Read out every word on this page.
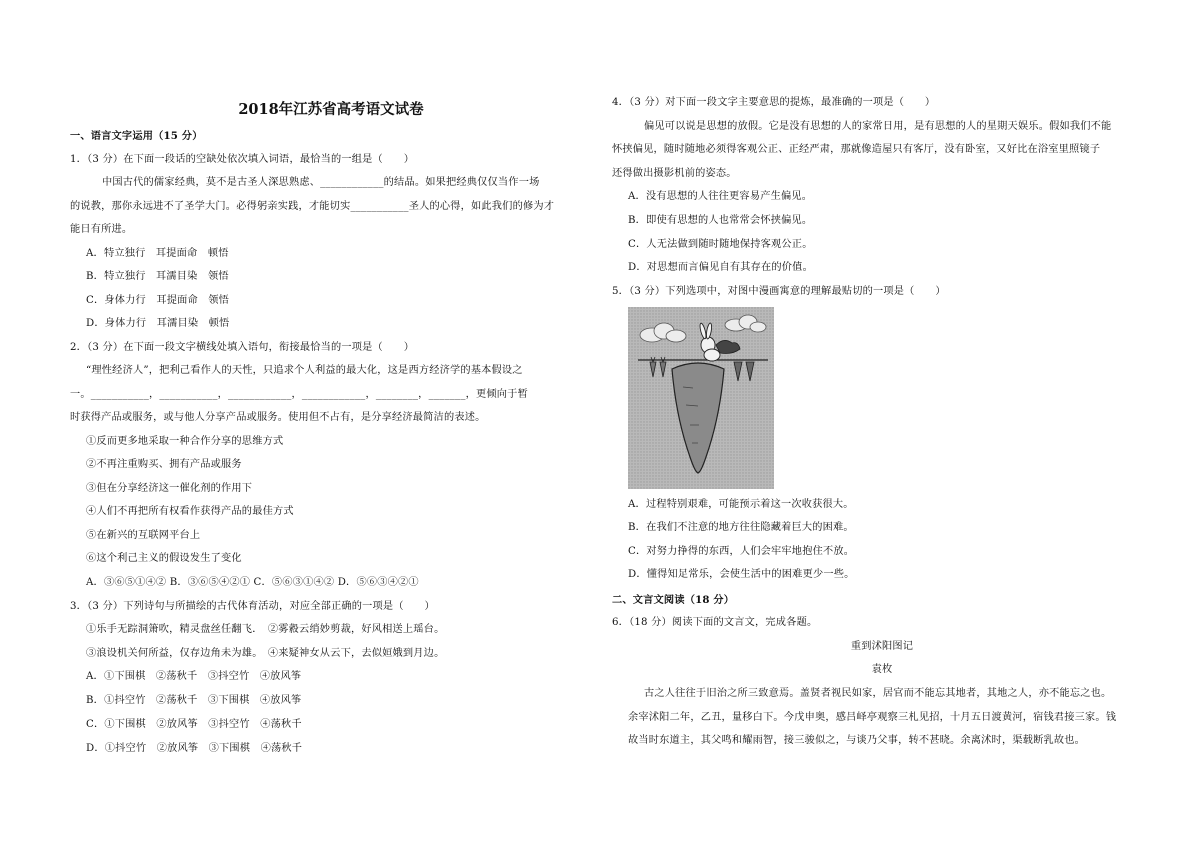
2018年江苏省高考语文试卷
一、语言文字运用（15 分）
1．（3 分）在下面一段话的空缺处依次填入词语，最恰当的一组是（　　）
中国古代的儒家经典，莫不是古圣人深思熟虑、____________的结晶。如果把经典仅仅当作一场
的说教，那你永远进不了圣学大门。必得躬亲实践，才能切实___________圣人的心得，如此我们的修为才
能日有所进。
A．特立独行　耳提面命　顿悟
B．特立独行　耳濡目染　领悟
C．身体力行　耳提面命　领悟
D．身体力行　耳濡目染　顿悟
2．（3 分）在下面一段文字横线处填入语句，衔接最恰当的一项是（　　）
“理性经济人”，把利己看作人的天性，只追求个人利益的最大化，这是西方经济学的基本假设之
一。___________，___________，____________，____________，________，_______，更倾向于暂
时获得产品或服务，或与他人分享产品或服务。使用但不占有，是分享经济最简洁的表述。
①反而更多地采取一种合作分享的思维方式
②不再注重购买、拥有产品或服务
③但在分享经济这一催化剂的作用下
④人们不再把所有权看作获得产品的最佳方式
⑤在新兴的互联网平台上
⑥这个利己主义的假设发生了变化
A．③⑥⑤①④② B．③⑥⑤④②① C．⑤⑥③①④② D．⑤⑥③④②①
3．（3 分）下列诗句与所描绘的古代体育活动，对应全部正确的一项是（　　）
①乐手无踪洞箫吹，精灵盘丝任翻飞．　②雾縠云绡妙剪裁，好风相送上瑶台。
③浪设机关何所益，仅存边角未为雄。　④来疑神女从云下，去似姮娥到月边。
A．①下围棋　②荡秋千　③抖空竹　④放风筝
B．①抖空竹　②荡秋千　③下围棋　④放风筝
C．①下围棋　②放风筝　③抖空竹　④荡秋千
D．①抖空竹　②放风筝　③下围棋　④荡秋千
4．（3 分）对下面一段文字主要意思的提炼，最准确的一项是（　　）
偏见可以说是思想的放假。它是没有思想的人的家常日用，是有思想的人的星期天娱乐。假如我们不能
怀挟偏见，随时随地必须得客观公正、正经严肃，那就像造屋只有客厅，没有卧室，又好比在浴室里照镜子
还得做出摄影机前的姿态。
A．没有思想的人往往更容易产生偏见。
B．即使有思想的人也常常会怀挟偏见。
C．人无法做到随时随地保持客观公正。
D．对思想而言偏见自有其存在的价值。
5．（3 分）下列选项中，对图中漫画寓意的理解最贴切的一项是（　　）
A．过程特别艰难，可能预示着这一次收获很大。
B．在我们不注意的地方往往隐藏着巨大的困难。
C．对努力挣得的东西，人们会牢牢地抱住不放。
D．懂得知足常乐，会使生活中的困难更少一些。
二、文言文阅读（18 分）
6．（18 分）阅读下面的文言文，完成各题。
重到沭阳图记
袁枚
古之人往往于旧治之所三致意焉。盖贤者视民如家，居官而不能忘其地者，其地之人，亦不能忘之也。
余宰沭阳二年，乙丑，量移白下。今戊申奥，感吕峄亭观察三札见招，十月五日渡黄河，宿钱君接三家。钱
故当时东道主，其父鸣和耀雨智，接三骏似之，与谈乃父事，转不甚晓。余离沭时，渠载断乳故也。
